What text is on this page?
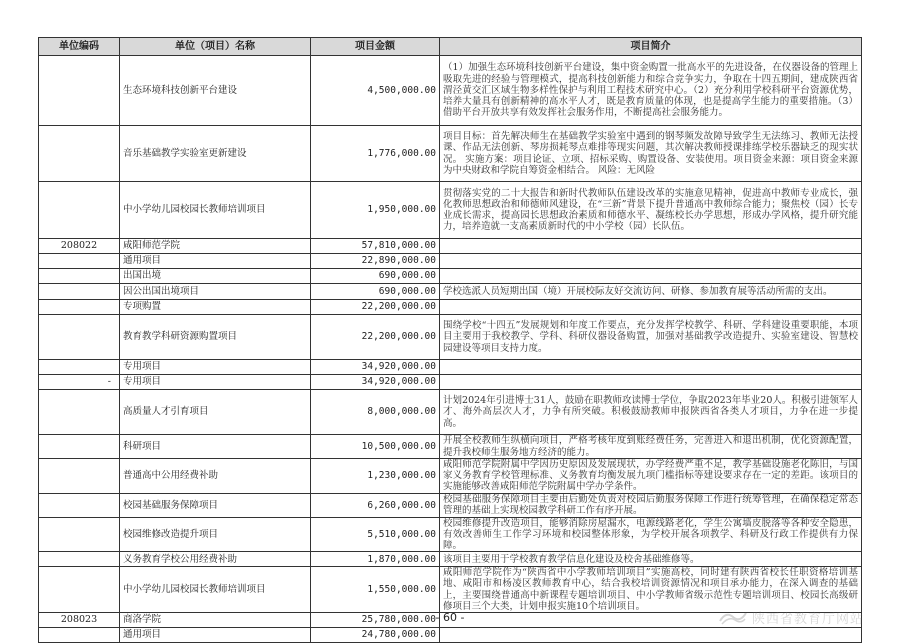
单位编码	单位（项目）名称	项目金额	项目简介
	生态环境科技创新平台建设	4,500,000.00	（1）加强生态环境科技创新平台建设，集中资金购置一批高水平的先进设备，在仪器设备的管理上吸取先进的经验与管理模式，提高科技创新能力和综合竞争实力，争取在十四五期间，建成陕西省渭泾黄交汇区域生物多样性保护与利用工程技术研究中心。（2）充分利用学校科研平台资源优势，培养大量具有创新精神的高水平人才，既是教育质量的体现，也是提高学生能力的重要措施。（3）借助平台开放共享有效发挥社会服务作用，不断提高社会服务能力。
	音乐基础教学实验室更新建设	1,776,000.00	项目目标：首先解决师生在基础教学实验室中遇到的钢琴频发故障导致学生无法练习、教师无法授课、作品无法创新、琴房损耗琴点难排等现实问题，其次解决教师授课排练学校乐器缺乏的现实状况。 实施方案：项目论证、立项、招标采购、购置设备、安装使用。项目资金来源：项目资金来源为中央财政和学院自筹资金相结合。 风险：无风险
	中小学幼儿园校园长教师培训项目	1,950,000.00	贯彻落实党的二十大报告和新时代教师队伍建设改革的实施意见精神，促进高中教师专业成长，强化教师思想政治和师德师风建设，在“三新”背景下提升普通高中教师综合能力；聚焦校（园）长专业成长需求，提高园长思想政治素质和师德水平、凝练校长办学思想，形成办学风格，提升研究能力，培养造就一支高素质新时代的中小学校（园）长队伍。
208022	咸阳师范学院	57,810,000.00	
	通用项目	22,890,000.00	
	出国出境	690,000.00	
	因公出国出境项目	690,000.00	学校选派人员短期出国（境）开展校际友好交流访问、研修、参加教育展等活动所需的支出。
	专项购置	22,200,000.00	
	教育教学科研资源购置项目	22,200,000.00	围绕学校“十四五”发展规划和年度工作要点，充分发挥学校教学、科研、学科建设重要职能，本项目主要用于我校教学、学科、科研仪器设备购置，加强对基础教学改造提升、实验室建设、智慧校园建设等项目支持力度。
	专用项目	34,920,000.00	
-	专用项目	34,920,000.00	
	高质量人才引育项目	8,000,000.00	计划2024年引进博士31人，鼓励在职教师攻读博士学位，争取2023年毕业20人。积极引进领军人才、海外高层次人才，力争有所突破。积极鼓励教师申报陕西省各类人才项目，力争在进一步提高。
	科研项目	10,500,000.00	开展全校教师生纵横向项目，严格考核年度到账经费任务，完善进入和退出机制，优化资源配置，提升我校师生服务地方经济的能力。
	普通高中公用经费补助	1,230,000.00	咸阳师范学院附属中学因历史原因及发展现状，办学经费严重不足，教学基础设施老化陈旧，与国家义务教育学校管理标准、义务教育均衡发展九项门槛指标等建设要求存在一定的差距。该项目的实施能够改善咸阳师范学院附属中学办学条件。
	校园基础服务保障项目	6,260,000.00	校园基础服务保障项目主要由后勤处负责对校园后勤服务保障工作进行统筹管理，在确保稳定常态管理的基础上实现校园教学科研工作有序开展。
	校园维修改造提升项目	5,510,000.00	校园维修提升改造项目，能够消除房屋漏水，电源线路老化，学生公寓墙皮脱落等各种安全隐患，有效改善师生工作学习环境和校园整体形象，为学校开展各项教学、科研及行政工作提供有力保障。
	义务教育学校公用经费补助	1,870,000.00	该项目主要用于学校教育教学信息化建设及校舍基础维修等。
	中小学幼儿园校园长教师培训项目	1,550,000.00	咸阳师范学院作为“陕西省中小学教师培训项目”实施高校，同时建有陕西省校长任职资格培训基地、咸阳市和杨凌区教师教育中心，结合我校培训资源情况和项目承办能力，在深入调查的基础上，主要围绕普通高中新课程专题培训项目、中小学教师省级示范性专题培训项目、校园长高级研修项目三个大类，计划申报实施10个培训项目。
208023	商洛学院	25,780,000.00	
	通用项目	24,780,000.00	
- 60 -	陕西省教育厅网站
